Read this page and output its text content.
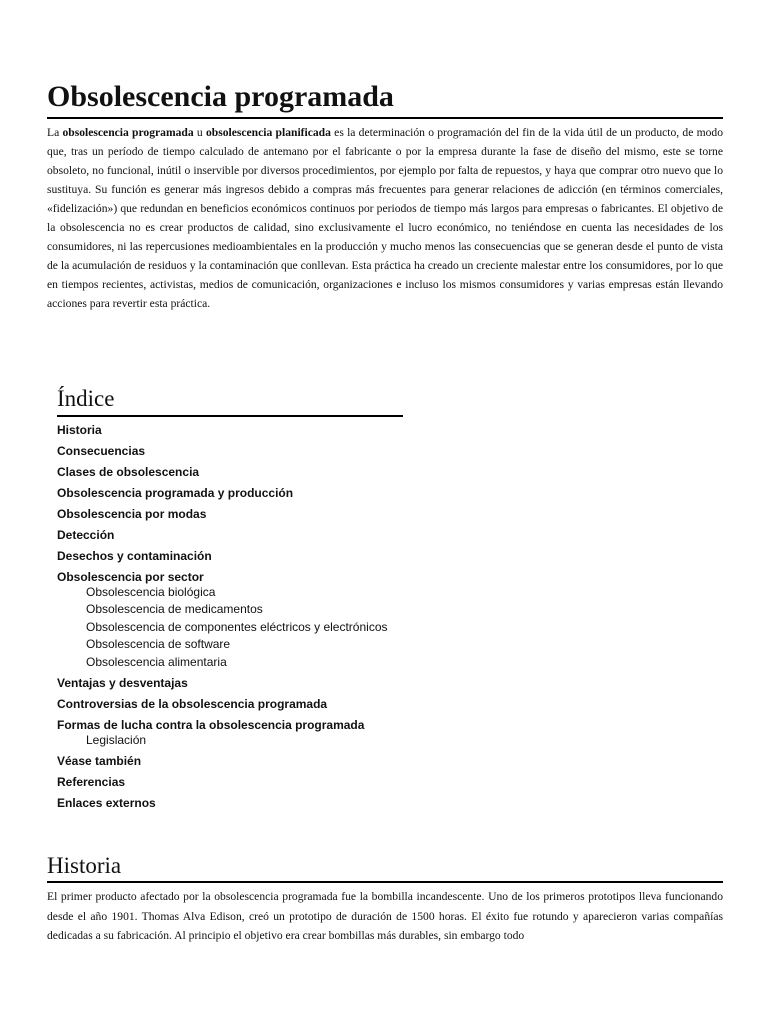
Obsolescencia programada

La obsolescencia programada u obsolescencia planificada es la determinación o programación del fin de la vida útil de un producto, de modo que, tras un período de tiempo calculado de antemano por el fabricante o por la empresa durante la fase de diseño del mismo, este se torne obsoleto, no funcional, inútil o inservible por diversos procedimientos, por ejemplo por falta de repuestos, y haya que comprar otro nuevo que lo sustituya. Su función es generar más ingresos debido a compras más frecuentes para generar relaciones de adicción (en términos comerciales, «fidelización») que redundan en beneficios económicos continuos por periodos de tiempo más largos para empresas o fabricantes. El objetivo de la obsolescencia no es crear productos de calidad, sino exclusivamente el lucro económico, no teniéndose en cuenta las necesidades de los consumidores, ni las repercusiones medioambientales en la producción y mucho menos las consecuencias que se generan desde el punto de vista de la acumulación de residuos y la contaminación que conllevan. Esta práctica ha creado un creciente malestar entre los consumidores, por lo que en tiempos recientes, activistas, medios de comunicación, organizaciones e incluso los mismos consumidores y varias empresas están llevando acciones para revertir esta práctica.

Índice
Historia
Consecuencias
Clases de obsolescencia
Obsolescencia programada y producción
Obsolescencia por modas
Detección
Desechos y contaminación
Obsolescencia por sector
Obsolescencia biológica
Obsolescencia de medicamentos
Obsolescencia de componentes eléctricos y electrónicos
Obsolescencia de software
Obsolescencia alimentaria
Ventajas y desventajas
Controversias de la obsolescencia programada
Formas de lucha contra la obsolescencia programada
Legislación
Véase también
Referencias
Enlaces externos
Historia

El primer producto afectado por la obsolescencia programada fue la bombilla incandescente. Uno de los primeros prototipos lleva funcionando desde el año 1901. Thomas Alva Edison, creó un prototipo de duración de 1500 horas. El éxito fue rotundo y aparecieron varias compañías dedicadas a su fabricación. Al principio el objetivo era crear bombillas más durables, sin embargo todo
